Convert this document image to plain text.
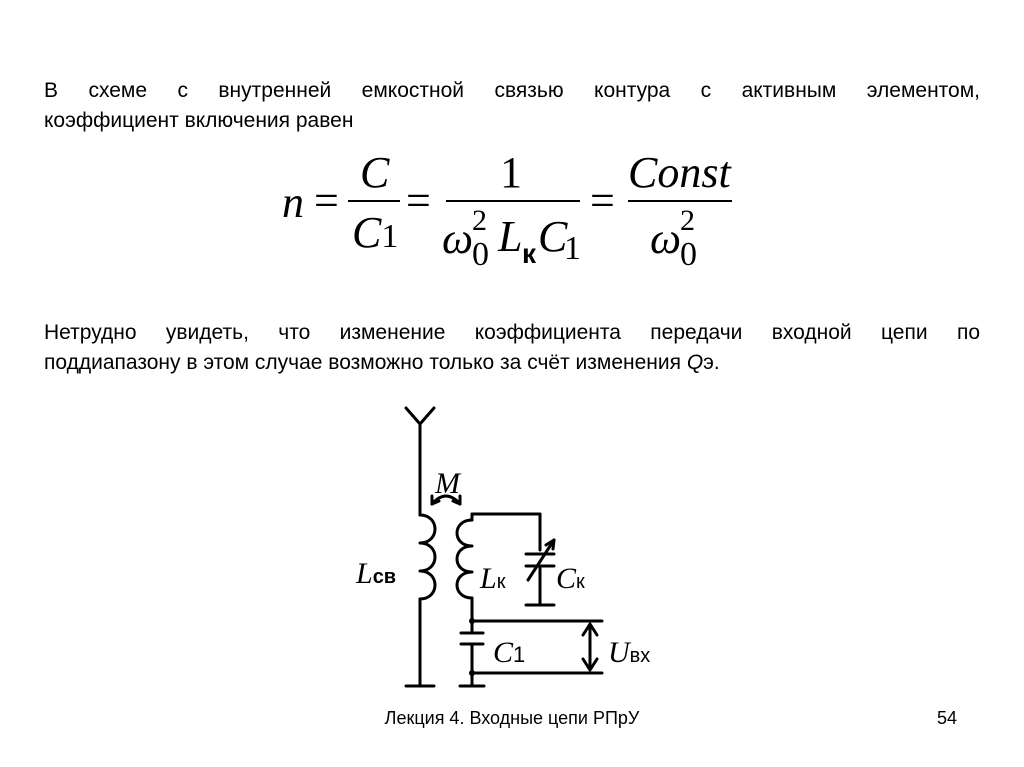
В схеме с внутренней емкостной связью контура с активным элементом,
коэффициент включения равен
n =
C
C1
=
1
ω
2
0 L к C
1
=
Const
ω
2
0
Нетрудно увидеть, что изменение коэффициента передачи входной цепи по
поддиапазону в этом случае возможно только за счёт изменения Qэ.
M
Lсв	Lк Cк
C1	Uвх
Лекция 4. Входные цепи РПрУ	54
